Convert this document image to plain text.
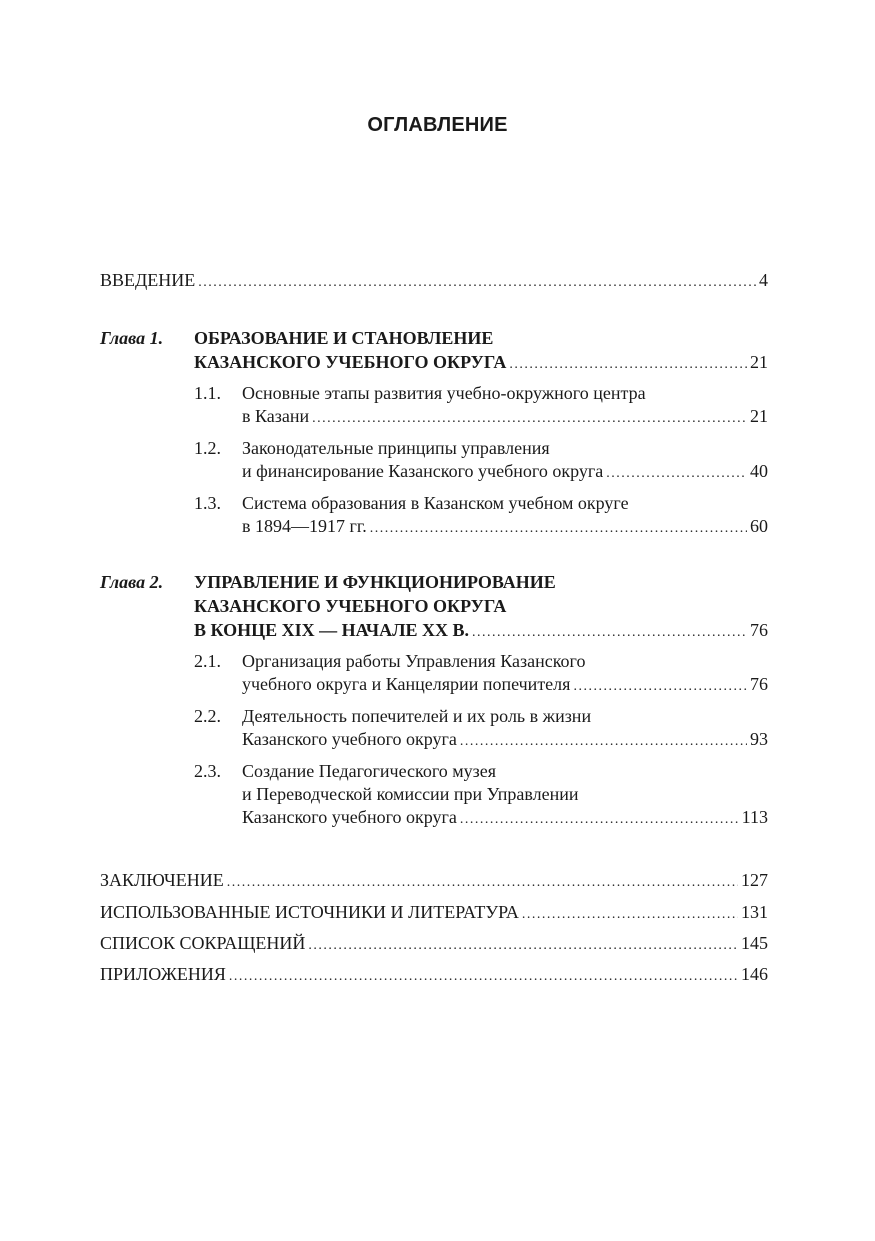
ОГЛАВЛЕНИЕ
ВВЕДЕНИЕ . . .	4
Глава 1. ОБРАЗОВАНИЕ И СТАНОВЛЕНИЕ
КАЗАНСКОГО УЧЕБНОГО ОКРУГА . . .	21
1.1. Основные этапы развития учебно-окружного центра
в Казани . . .	21
1.2. Законодательные принципы управления
и финансирование Казанского учебного округа . . .	40
1.3. Система образования в Казанском учебном округе
в 1894—1917 гг. . . .	60
Глава 2. УПРАВЛЕНИЕ И ФУНКЦИОНИРОВАНИЕ
КАЗАНСКОГО УЧЕБНОГО ОКРУГА
В КОНЦЕ XIX — НАЧАЛЕ XX В. . . .	76
2.1. Организация работы Управления Казанского
учебного округа и Канцелярии попечителя . . .	76
2.2. Деятельность попечителей и их роль в жизни
Казанского учебного округа . . .	93
2.3. Создание Педагогического музея
и Переводческой комиссии при Управлении
Казанского учебного округа . . .	113
ЗАКЛЮЧЕНИЕ . . .	127
ИСПОЛЬЗОВАННЫЕ ИСТОЧНИКИ И ЛИТЕРАТУРА . . .	131
СПИСОК СОКРАЩЕНИЙ . . .	145
ПРИЛОЖЕНИЯ . . .	146
